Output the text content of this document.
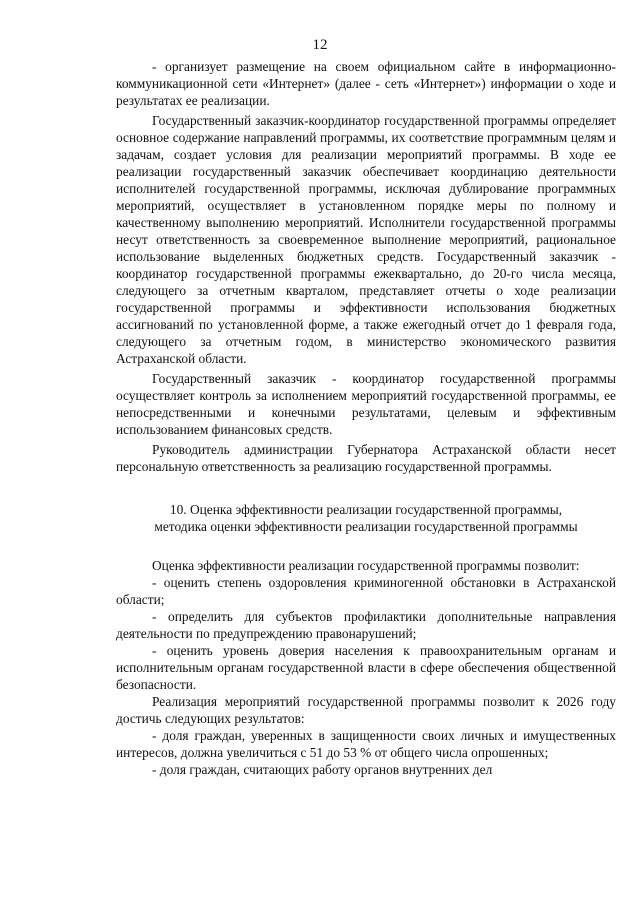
12

- организует размещение на своем официальном сайте в информационно-коммуникационной сети «Интернет» (далее - сеть «Интернет») информации о ходе и результатах ее реализации.

Государственный заказчик-координатор государственной программы определяет основное содержание направлений программы, их соответствие программным целям и задачам, создает условия для реализации мероприятий программы. В ходе ее реализации государственный заказчик обеспечивает координацию деятельности исполнителей государственной программы, исключая дублирование программных мероприятий, осуществляет в установленном порядке меры по полному и качественному выполнению мероприятий. Исполнители государственной программы несут ответственность за своевременное выполнение мероприятий, рациональное использование выделенных бюджетных средств. Государственный заказчик - координатор государственной программы ежеквартально, до 20-го числа месяца, следующего за отчетным кварталом, представляет отчеты о ходе реализации государственной программы и эффективности использования бюджетных ассигнований по установленной форме, а также ежегодный отчет до 1 февраля года, следующего за отчетным годом, в министерство экономического развития Астраханской области.

Государственный заказчик - координатор государственной программы осуществляет контроль за исполнением мероприятий государственной программы, ее непосредственными и конечными результатами, целевым и эффективным использованием финансовых средств.

Руководитель администрации Губернатора Астраханской области несет персональную ответственность за реализацию государственной программы.

10. Оценка эффективности реализации государственной программы,
методика оценки эффективности реализации государственной программы

Оценка эффективности реализации государственной программы позволит:

- оценить степень оздоровления криминогенной обстановки в Астраханской области;

- определить для субъектов профилактики дополнительные направления деятельности по предупреждению правонарушений;

- оценить уровень доверия населения к правоохранительным органам и исполнительным органам государственной власти в сфере обеспечения общественной безопасности.

Реализация мероприятий государственной программы позволит к 2026 году достичь следующих результатов:

- доля граждан, уверенных в защищенности своих личных и имущественных интересов, должна увеличиться с 51 до 53 % от общего числа опрошенных;

- доля граждан, считающих работу органов внутренних дел
